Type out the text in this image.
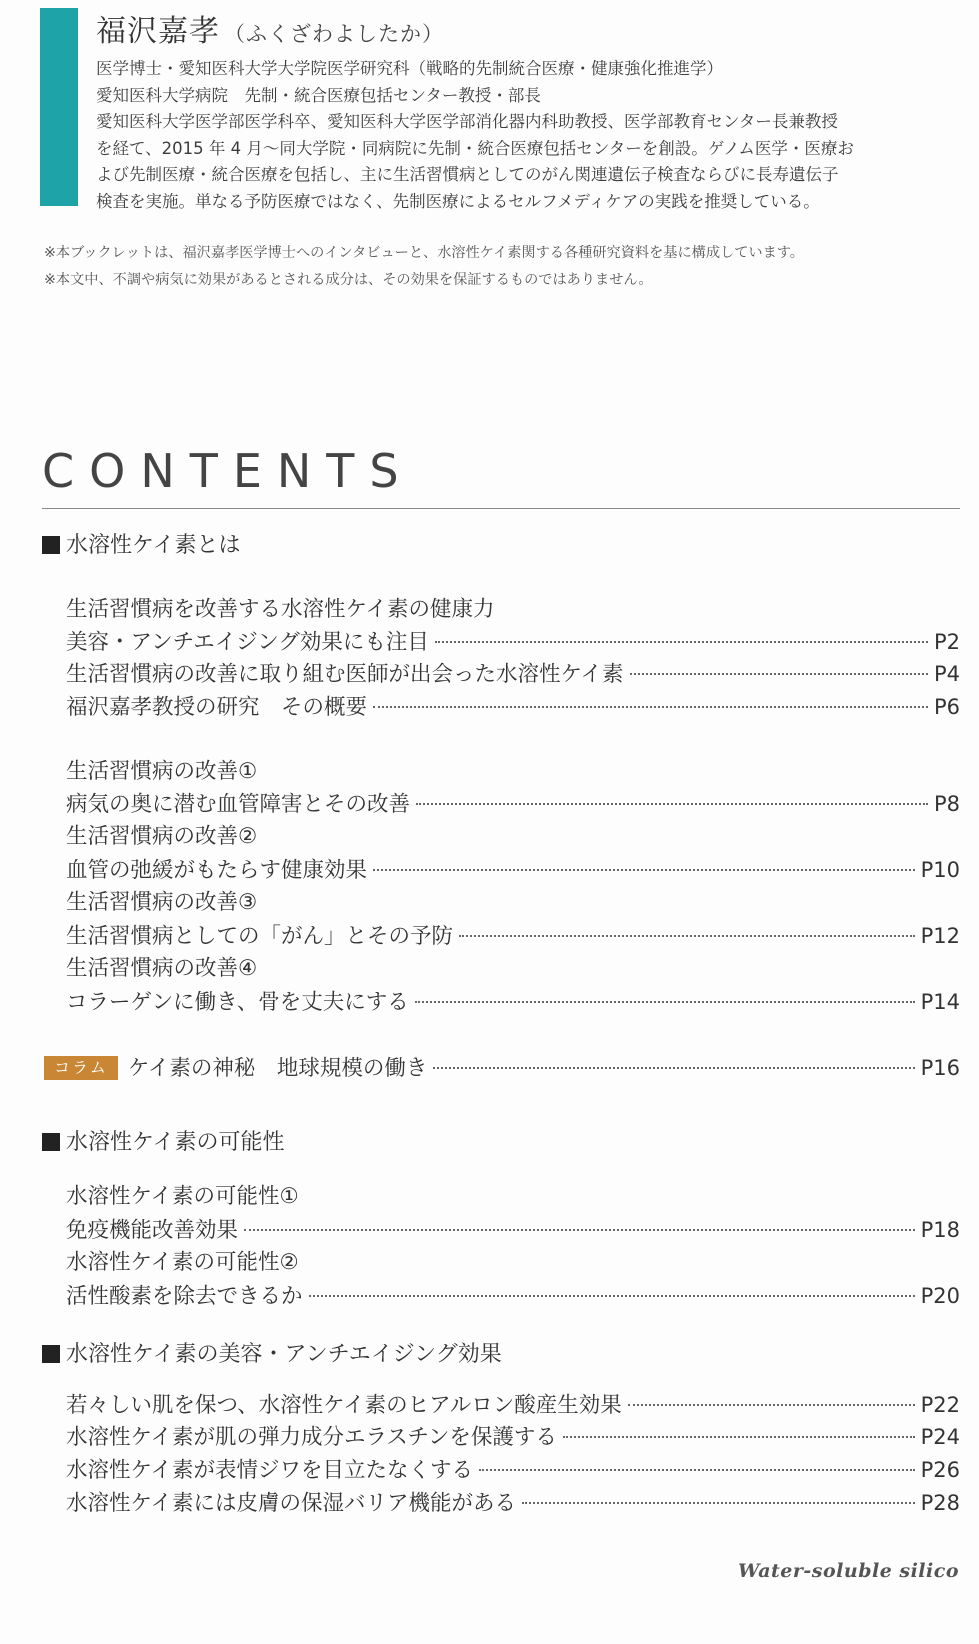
福沢嘉孝 （ふくざわよしたか）
医学博士・愛知医科大学大学院医学研究科（戦略的先制統合医療・健康強化推進学）
愛知医科大学病院　先制・統合医療包括センター教授・部長
愛知医科大学医学部医学科卒、愛知医科大学医学部消化器内科助教授、医学部教育センター長兼教授
を経て、2015 年 4 月～同大学院・同病院に先制・統合医療包括センターを創設。ゲノム医学・医療お
よび先制医療・統合医療を包括し、主に生活習慣病としてのがん関連遺伝子検査ならびに長寿遺伝子
検査を実施。単なる予防医療ではなく、先制医療によるセルフメディケアの実践を推奨している。
※本ブックレットは、福沢嘉孝医学博士へのインタビューと、水溶性ケイ素関する各種研究資料を基に構成しています。
※本文中、不調や病気に効果があるとされる成分は、その効果を保証するものではありません。
CONTENTS
水溶性ケイ素とは
生活習慣病を改善する水溶性ケイ素の健康力
美容・アンチエイジング効果にも注目	P2
生活習慣病の改善に取り組む医師が出会った水溶性ケイ素	P4
福沢嘉孝教授の研究　その概要	P6
生活習慣病の改善①
病気の奥に潜む血管障害とその改善	P8
生活習慣病の改善②
血管の弛緩がもたらす健康効果	P10
生活習慣病の改善③
生活習慣病としての「がん」とその予防	P12
生活習慣病の改善④
コラーゲンに働き、骨を丈夫にする	P14
コラム ケイ素の神秘　地球規模の働き	P16
水溶性ケイ素の可能性
水溶性ケイ素の可能性①
免疫機能改善効果	P18
水溶性ケイ素の可能性②
活性酸素を除去できるか	P20
水溶性ケイ素の美容・アンチエイジング効果
若々しい肌を保つ、水溶性ケイ素のヒアルロン酸産生効果	P22
水溶性ケイ素が肌の弾力成分エラスチンを保護する	P24
水溶性ケイ素が表情ジワを目立たなくする	P26
水溶性ケイ素には皮膚の保湿バリア機能がある	P28
Water-soluble silico
